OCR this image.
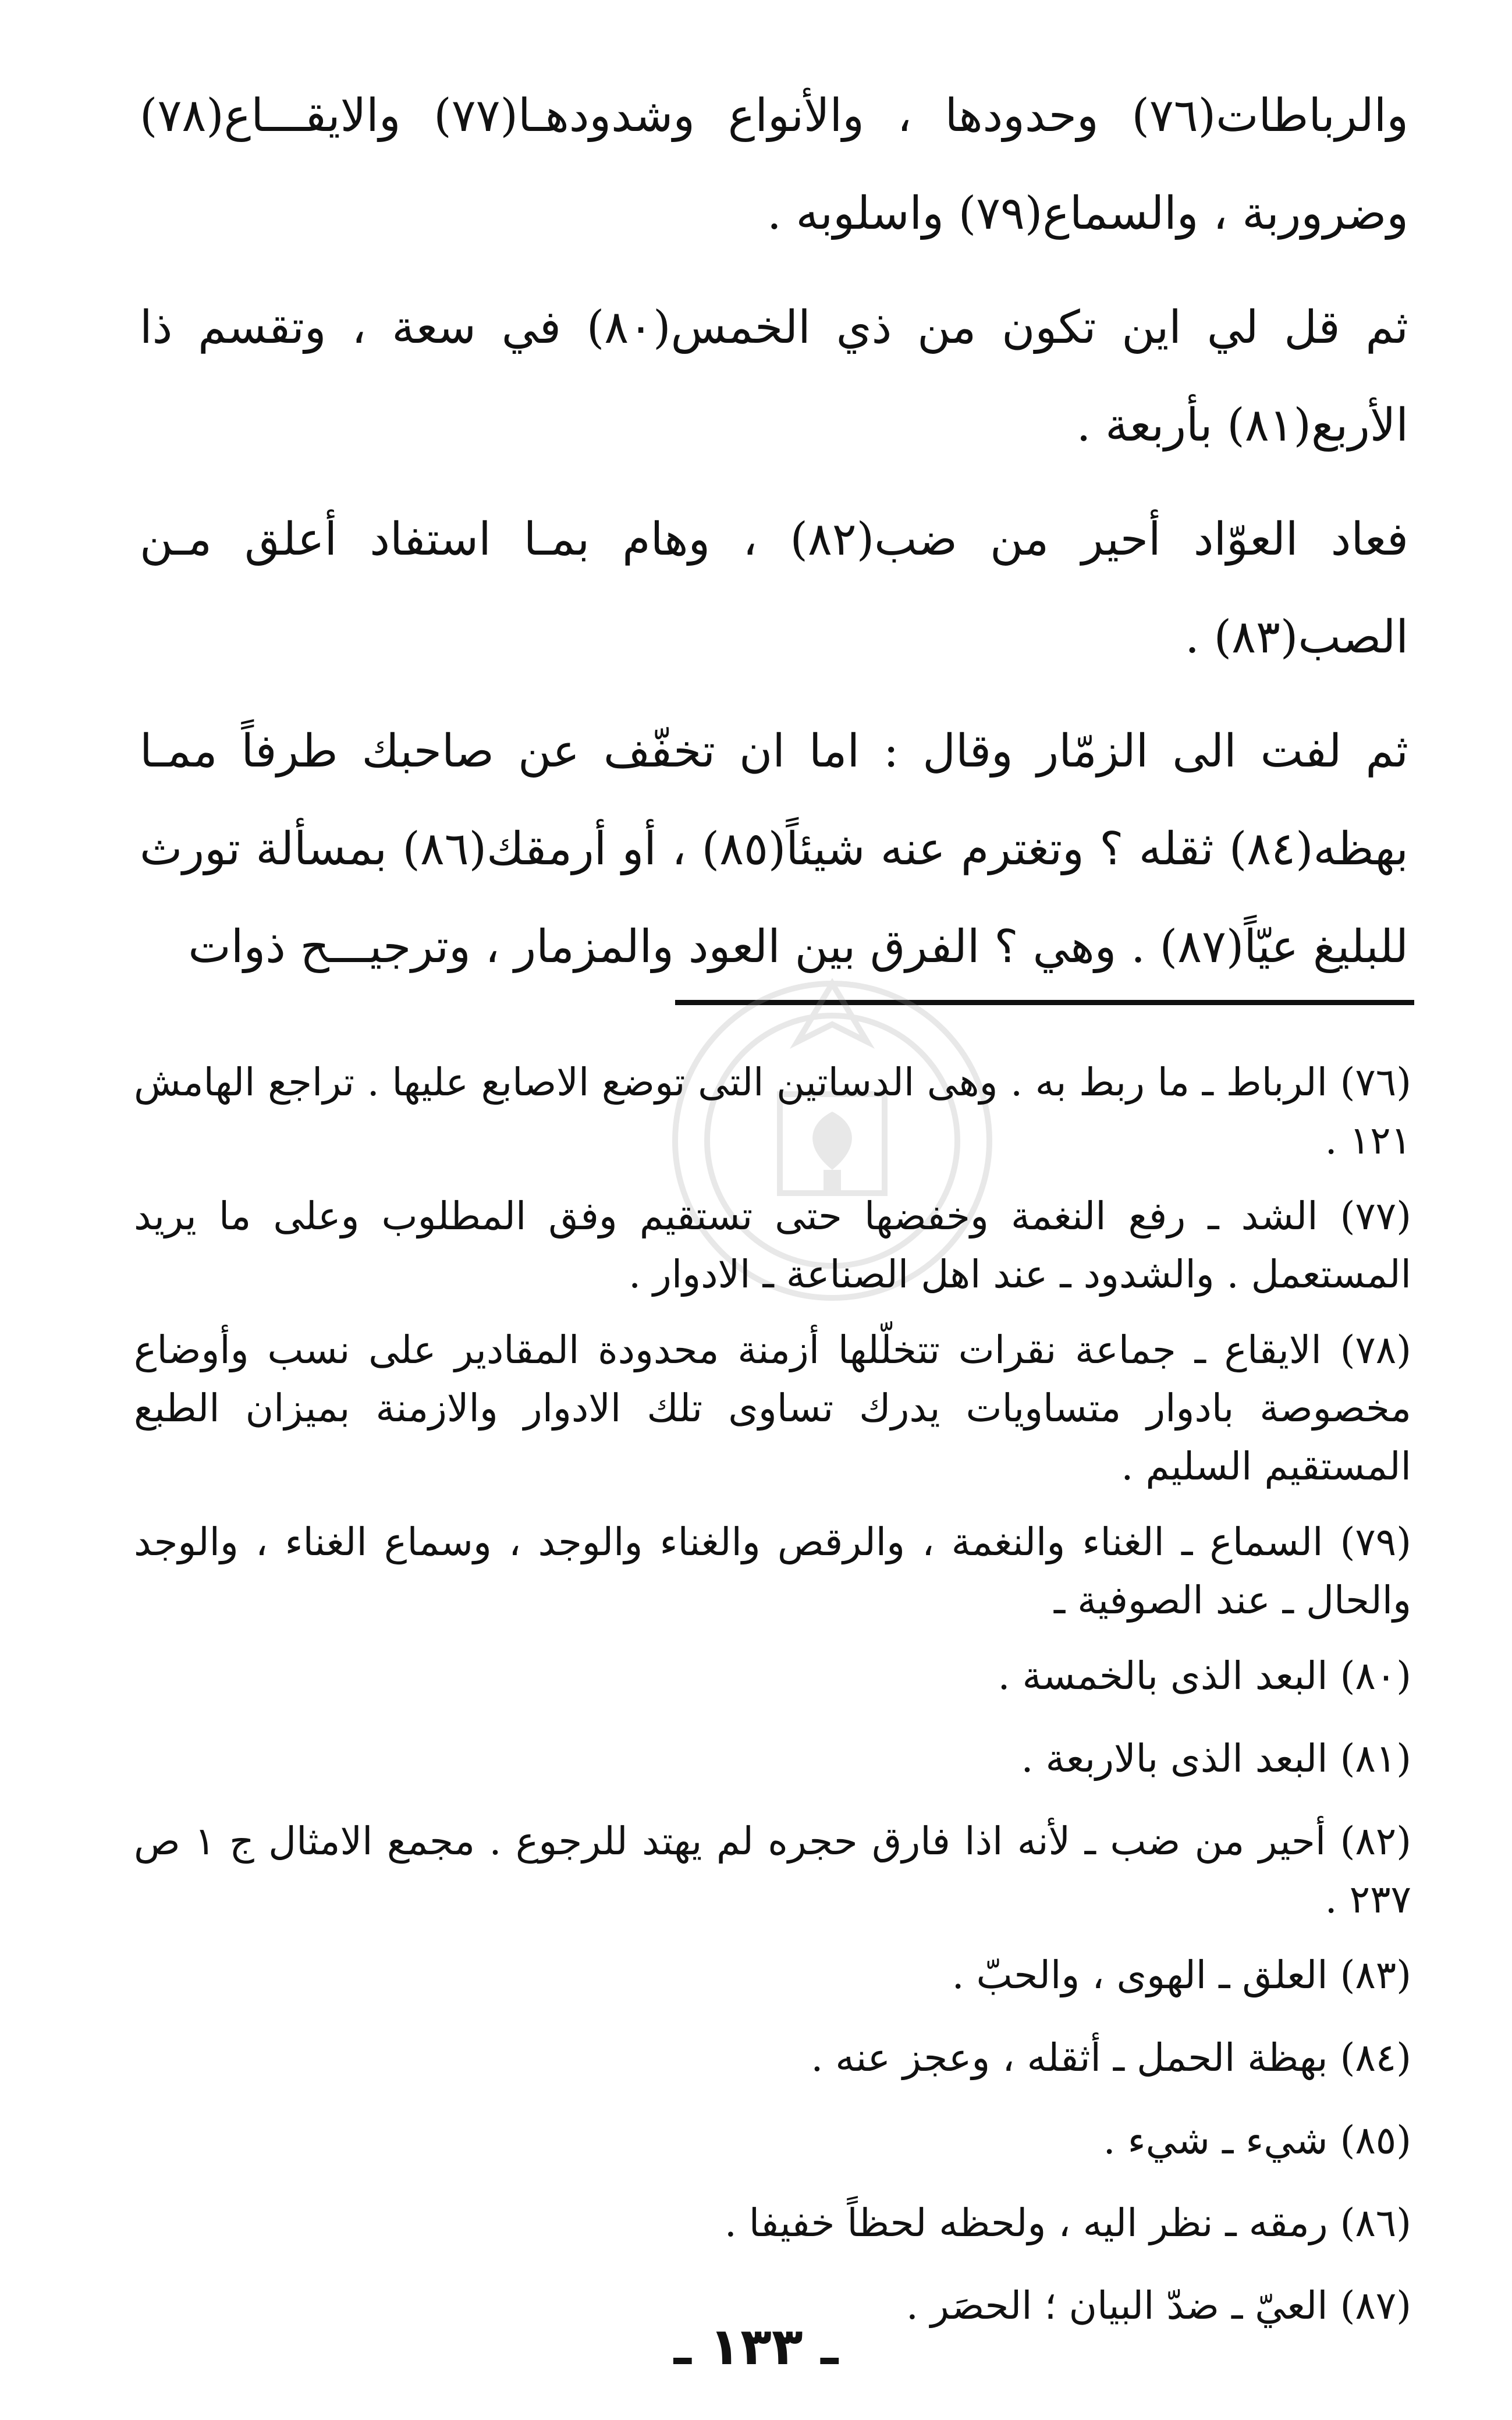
والرباطات(٧٦) وحدودها ، والأنواع وشدودهـا(٧٧) والايقـــاع(٧٨) وضروربة ، والسماع(٧٩) واسلوبه .

ثم قل لي اين تكون من ذي الخمس(٨٠) في سعة ، وتقسم ذا الأربع(٨١) بأربعة .

فعاد العوّاد أحير من ضب(٨٢) ، وهام بمـا استفاد أعلق مـن الصب(٨٣) .

ثم لفت الى الزمّار وقال : اما ان تخفّف عن صاحبك طرفاً ممـا بهظه(٨٤) ثقله ؟ وتغترم عنه شيئاً(٨٥) ، أو أرمقك(٨٦) بمسألة تورث للبليغ عيّاً(٨٧) . وهي ؟ الفرق بين العود والمزمار ، وترجيـــح ذوات

(٧٦) الرباط ـ ما ربط به . وهى الدساتين التى توضع الاصابع عليها . تراجع الهامش ١٢١ .

(٧٧) الشد ـ رفع النغمة وخفضها حتى تستقيم وفق المطلوب وعلى ما يريد المستعمل . والشدود ـ عند اهل الصناعة ـ الادوار .

(٧٨) الايقاع ـ جماعة نقرات تتخلّلها أزمنة محدودة المقادير على نسب وأوضاع مخصوصة بادوار متساويات يدرك تساوى تلك الادوار والازمنة بميزان الطبع المستقيم السليم .

(٧٩) السماع ـ الغناء والنغمة ، والرقص والغناء والوجد ، وسماع الغناء ، والوجد والحال ـ عند الصوفية ـ

(٨٠) البعد الذى بالخمسة .

(٨١) البعد الذى بالاربعة .

(٨٢) أحير من ضب ـ لأنه اذا فارق حجره لم يهتد للرجوع . مجمع الامثال ج ١ ص ٢٣٧ .

(٨٣) العلق ـ الهوى ، والحبّ .

(٨٤) بهظة الحمل ـ أثقله ، وعجز عنه .

(٨٥) شيء ـ شيء .

(٨٦) رمقه ـ نظر اليه ، ولحظه لحظاً خفيفا .

(٨٧) العيّ ـ ضدّ البيان ؛ الحصَر .

ـ ١٣٣ ـ
